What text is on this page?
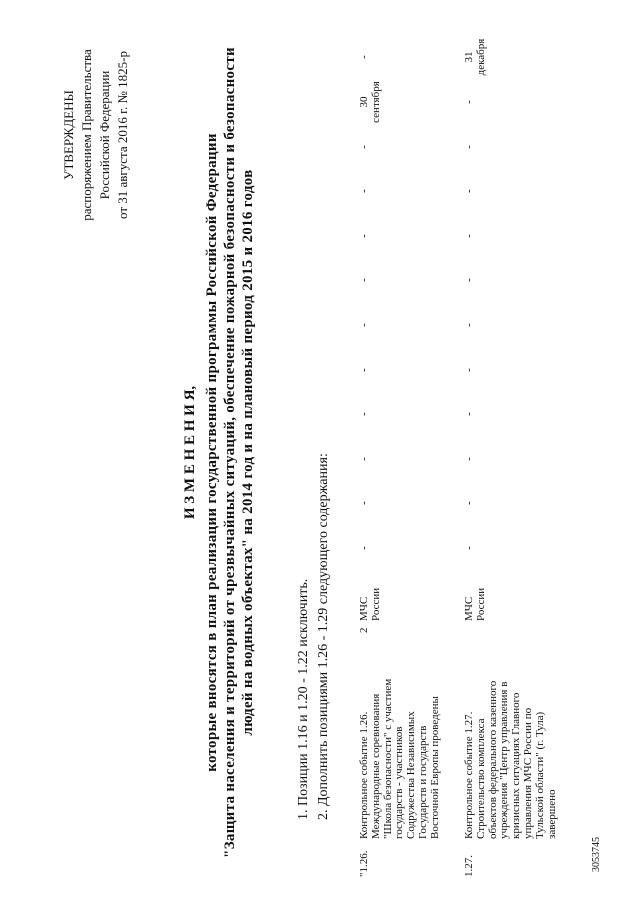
УТВЕРЖДЕНЫ распоряжением Правительства Российской Федерации от 31 августа 2016 г. № 1825-р
И З М Е Н Е Н И Я, которые вносятся в план реализации государственной программы Российской Федерации "Защита населения и территорий от чрезвычайных ситуаций, обеспечение пожарной безопасности и безопасности людей на водных объектах" на 2014 год и на плановый период 2015 и 2016 годов	1. Позиции 1.16 и 1.20 - 1.22 исключить. 2. Дополнить позициями 1.26 - 1.29 следующего содержания:
"1.26.
Контрольное событие 1.26. Международные соревнования "Школа безопасности" с участием государств - участников Содружества Независимых Государств и государств Восточной Европы проведены
2
МЧС России
-
-
-
-
-
-
-
-
-
-
30 сентября
-
1.27.
Контрольное событие 1.27. Строительство комплекса объектов федерального казенного учреждения "Центр управления в кризисных ситуациях Главного управления МЧС России по Тульской области" (г. Тула) завершено
МЧС России
-
-
-
-
-
-
-
-
-
-
-
31 декабря
3053745
